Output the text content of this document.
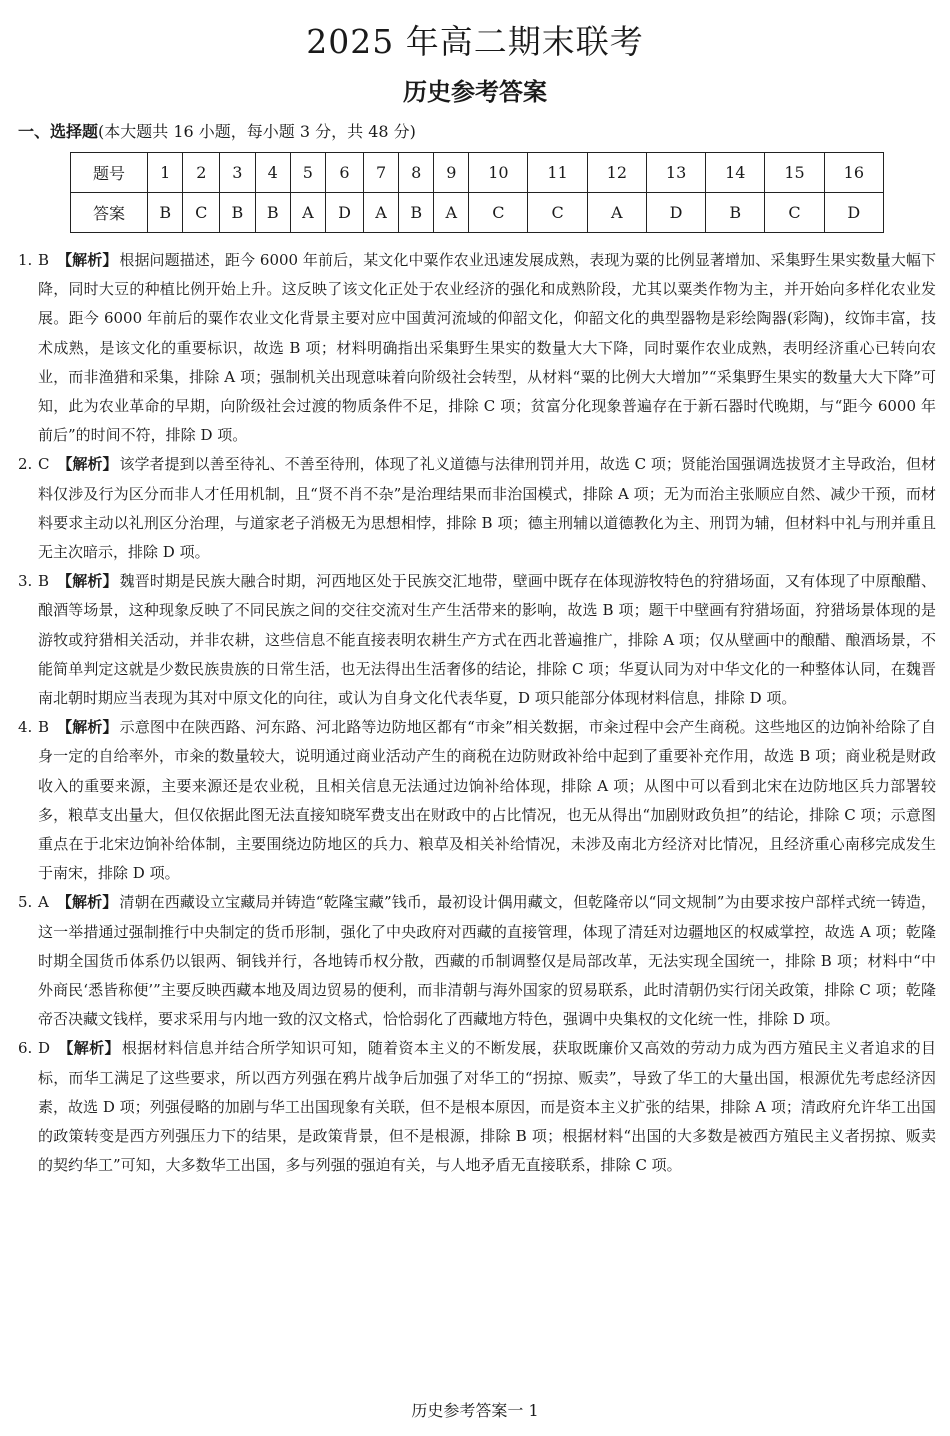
2025 年高二期末联考
历史参考答案
一、选择题(本大题共 16 小题，每小题 3 分，共 48 分)
题号	1	2	3	4	5	6	7	8	9	10	11	12	13	14	15	16
答案	B	C	B	B	A	D	A	B	A	C	C	A	D	B	C	D
1. B 【解析】 根据问题描述，距今 6000 年前后，某文化中粟作农业迅速发展成熟，表现为粟的比例显著增加、采集野生果实数量大幅下降，同时大豆的种植比例开始上升。这反映了该文化正处于农业经济的强化和成熟阶段，尤其以粟类作物为主，并开始向多样化农业发展。距今 6000 年前后的粟作农业文化背景主要对应中国黄河流域的仰韶文化，仰韶文化的典型器物是彩绘陶器(彩陶)，纹饰丰富，技术成熟，是该文化的重要标识，故选 B 项；材料明确指出采集野生果实的数量大大下降，同时粟作农业成熟，表明经济重心已转向农业，而非渔猎和采集，排除 A 项；强制机关出现意味着向阶级社会转型，从材料“粟的比例大大增加”“采集野生果实的数量大大下降”可知，此为农业革命的早期，向阶级社会过渡的物质条件不足，排除 C 项；贫富分化现象普遍存在于新石器时代晚期，与“距今 6000 年前后”的时间不符，排除 D 项。
2. C 【解析】 该学者提到以善至待礼、不善至待刑，体现了礼义道德与法律刑罚并用，故选 C 项；贤能治国强调选拔贤才主导政治，但材料仅涉及行为区分而非人才任用机制，且“贤不肖不杂”是治理结果而非治国模式，排除 A 项；无为而治主张顺应自然、减少干预，而材料要求主动以礼刑区分治理，与道家老子消极无为思想相悖，排除 B 项；德主刑辅以道德教化为主、刑罚为辅，但材料中礼与刑并重且无主次暗示，排除 D 项。
3. B 【解析】 魏晋时期是民族大融合时期，河西地区处于民族交汇地带，壁画中既存在体现游牧特色的狩猎场面，又有体现了中原酿醋、酿酒等场景，这种现象反映了不同民族之间的交往交流对生产生活带来的影响，故选 B 项；题干中壁画有狩猎场面，狩猎场景体现的是游牧或狩猎相关活动，并非农耕，这些信息不能直接表明农耕生产方式在西北普遍推广，排除 A 项；仅从壁画中的酿醋、酿酒场景，不能简单判定这就是少数民族贵族的日常生活，也无法得出生活奢侈的结论，排除 C 项；华夏认同为对中华文化的一种整体认同，在魏晋南北朝时期应当表现为其对中原文化的向往，或认为自身文化代表华夏，D 项只能部分体现材料信息，排除 D 项。
4. B 【解析】 示意图中在陕西路、河东路、河北路等边防地区都有“市籴”相关数据，市籴过程中会产生商税。这些地区的边饷补给除了自身一定的自给率外，市籴的数量较大，说明通过商业活动产生的商税在边防财政补给中起到了重要补充作用，故选 B 项；商业税是财政收入的重要来源，主要来源还是农业税，且相关信息无法通过边饷补给体现，排除 A 项；从图中可以看到北宋在边防地区兵力部署较多，粮草支出量大，但仅依据此图无法直接知晓军费支出在财政中的占比情况，也无从得出“加剧财政负担”的结论，排除 C 项；示意图重点在于北宋边饷补给体制，主要围绕边防地区的兵力、粮草及相关补给情况，未涉及南北方经济对比情况，且经济重心南移完成发生于南宋，排除 D 项。
5. A 【解析】 清朝在西藏设立宝藏局并铸造“乾隆宝藏”钱币，最初设计偶用藏文，但乾隆帝以“同文规制”为由要求按户部样式统一铸造，这一举措通过强制推行中央制定的货币形制，强化了中央政府对西藏的直接管理，体现了清廷对边疆地区的权威掌控，故选 A 项；乾隆时期全国货币体系仍以银两、铜钱并行，各地铸币权分散，西藏的币制调整仅是局部改革，无法实现全国统一，排除 B 项；材料中“中外商民‘悉皆称便’”主要反映西藏本地及周边贸易的便利，而非清朝与海外国家的贸易联系，此时清朝仍实行闭关政策，排除 C 项；乾隆帝否决藏文钱样，要求采用与内地一致的汉文格式，恰恰弱化了西藏地方特色，强调中央集权的文化统一性，排除 D 项。
6. D 【解析】 根据材料信息并结合所学知识可知，随着资本主义的不断发展，获取既廉价又高效的劳动力成为西方殖民主义者追求的目标，而华工满足了这些要求，所以西方列强在鸦片战争后加强了对华工的“拐掠、贩卖”，导致了华工的大量出国，根源优先考虑经济因素，故选 D 项；列强侵略的加剧与华工出国现象有关联，但不是根本原因，而是资本主义扩张的结果，排除 A 项；清政府允许华工出国的政策转变是西方列强压力下的结果，是政策背景，但不是根源，排除 B 项；根据材料“出国的大多数是被西方殖民主义者拐掠、贩卖的契约华工”可知，大多数华工出国，多与列强的强迫有关，与人地矛盾无直接联系，排除 C 项。
历史参考答案一 1
